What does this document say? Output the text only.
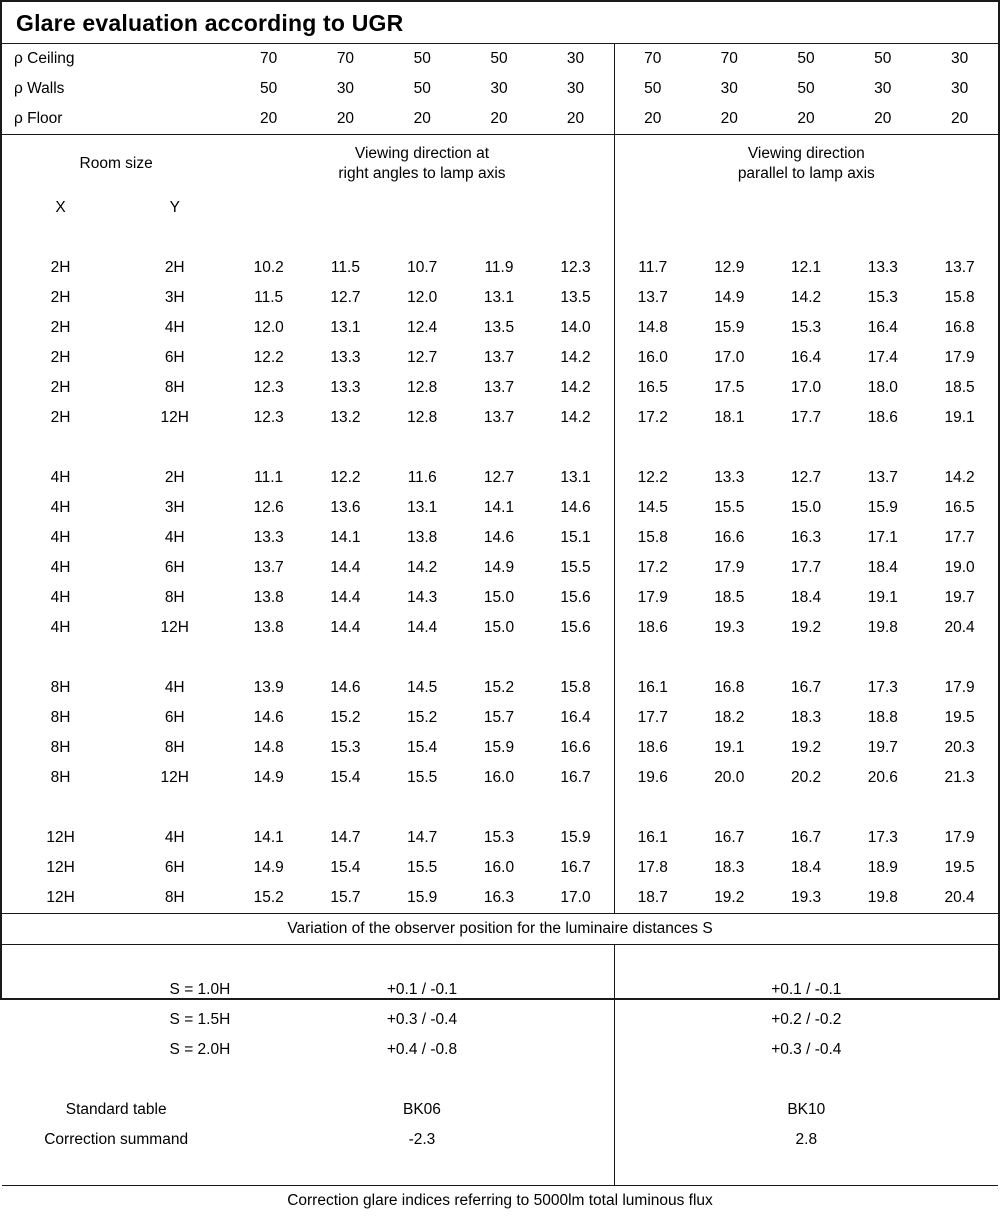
Glare evaluation according to UGR
ρ Ceiling		70	70	50	50	30	70	70	50	50	30
ρ Walls		50	30	50	30	30	50	30	50	30	30
ρ Floor		20	20	20	20	20	20	20	20	20	20

Room size

Viewing direction at
right angles to lamp axis

Viewing direction
parallel to lamp axis

X	Y										

2H	2H	10.2	11.5	10.7	11.9	12.3	11.7	12.9	12.1	13.3	13.7
2H	3H	11.5	12.7	12.0	13.1	13.5	13.7	14.9	14.2	15.3	15.8
2H	4H	12.0	13.1	12.4	13.5	14.0	14.8	15.9	15.3	16.4	16.8
2H	6H	12.2	13.3	12.7	13.7	14.2	16.0	17.0	16.4	17.4	17.9
2H	8H	12.3	13.3	12.8	13.7	14.2	16.5	17.5	17.0	18.0	18.5
2H	12H	12.3	13.2	12.8	13.7	14.2	17.2	18.1	17.7	18.6	19.1

4H	2H	11.1	12.2	11.6	12.7	13.1	12.2	13.3	12.7	13.7	14.2
4H	3H	12.6	13.6	13.1	14.1	14.6	14.5	15.5	15.0	15.9	16.5
4H	4H	13.3	14.1	13.8	14.6	15.1	15.8	16.6	16.3	17.1	17.7
4H	6H	13.7	14.4	14.2	14.9	15.5	17.2	17.9	17.7	18.4	19.0
4H	8H	13.8	14.4	14.3	15.0	15.6	17.9	18.5	18.4	19.1	19.7
4H	12H	13.8	14.4	14.4	15.0	15.6	18.6	19.3	19.2	19.8	20.4

8H	4H	13.9	14.6	14.5	15.2	15.8	16.1	16.8	16.7	17.3	17.9
8H	6H	14.6	15.2	15.2	15.7	16.4	17.7	18.2	18.3	18.8	19.5
8H	8H	14.8	15.3	15.4	15.9	16.6	18.6	19.1	19.2	19.7	20.3
8H	12H	14.9	15.4	15.5	16.0	16.7	19.6	20.0	20.2	20.6	21.3

12H	4H	14.1	14.7	14.7	15.3	15.9	16.1	16.7	16.7	17.3	17.9
12H	6H	14.9	15.4	15.5	16.0	16.7	17.8	18.3	18.4	18.9	19.5
12H	8H	15.2	15.7	15.9	16.3	17.0	18.7	19.2	19.3	19.8	20.4
Variation of the observer position for the luminaire distances S											

S = 1.0H		+0.1 / -0.1					+0.1 / -0.1				
S = 1.5H		+0.3 / -0.4					+0.2 / -0.2				
S = 2.0H		+0.4 / -0.8					+0.3 / -0.4				

Standard table		BK06					BK10				
Correction summand		-2.3					2.8				

Correction glare indices referring to 5000lm total luminous flux											
